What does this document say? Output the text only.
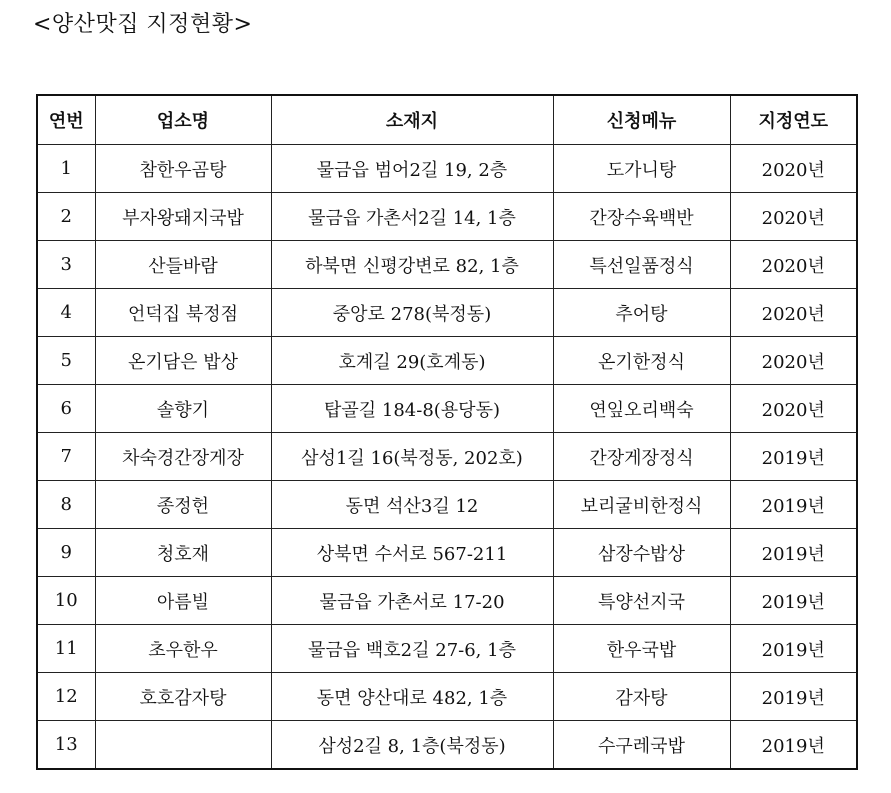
<양산맛집 지정현황>
연번	업소명	소재지	신청메뉴	지정연도
1	참한우곰탕	물금읍 범어2길 19, 2층	도가니탕	2020년
2	부자왕돼지국밥	물금읍 가촌서2길 14, 1층	간장수육백반	2020년
3	산들바람	하북면 신평강변로 82, 1층	특선일품정식	2020년
4	언덕집 북정점	중앙로 278(북정동)	추어탕	2020년
5	온기담은 밥상	호계길 29(호계동)	온기한정식	2020년
6	솔향기	탑골길 184-8(용당동)	연잎오리백숙	2020년
7	차숙경간장게장	삼성1길 16(북정동, 202호)	간장게장정식	2019년
8	종정헌	동면 석산3길 12	보리굴비한정식	2019년
9	청호재	상북면 수서로 567-211	삼장수밥상	2019년
10	아름빌	물금읍 가촌서로 17-20	특양선지국	2019년
11	초우한우	물금읍 백호2길 27-6, 1층	한우국밥	2019년
12	호호감자탕	동면 양산대로 482, 1층	감자탕	2019년
13		삼성2길 8, 1층(북정동)	수구레국밥	2019년
